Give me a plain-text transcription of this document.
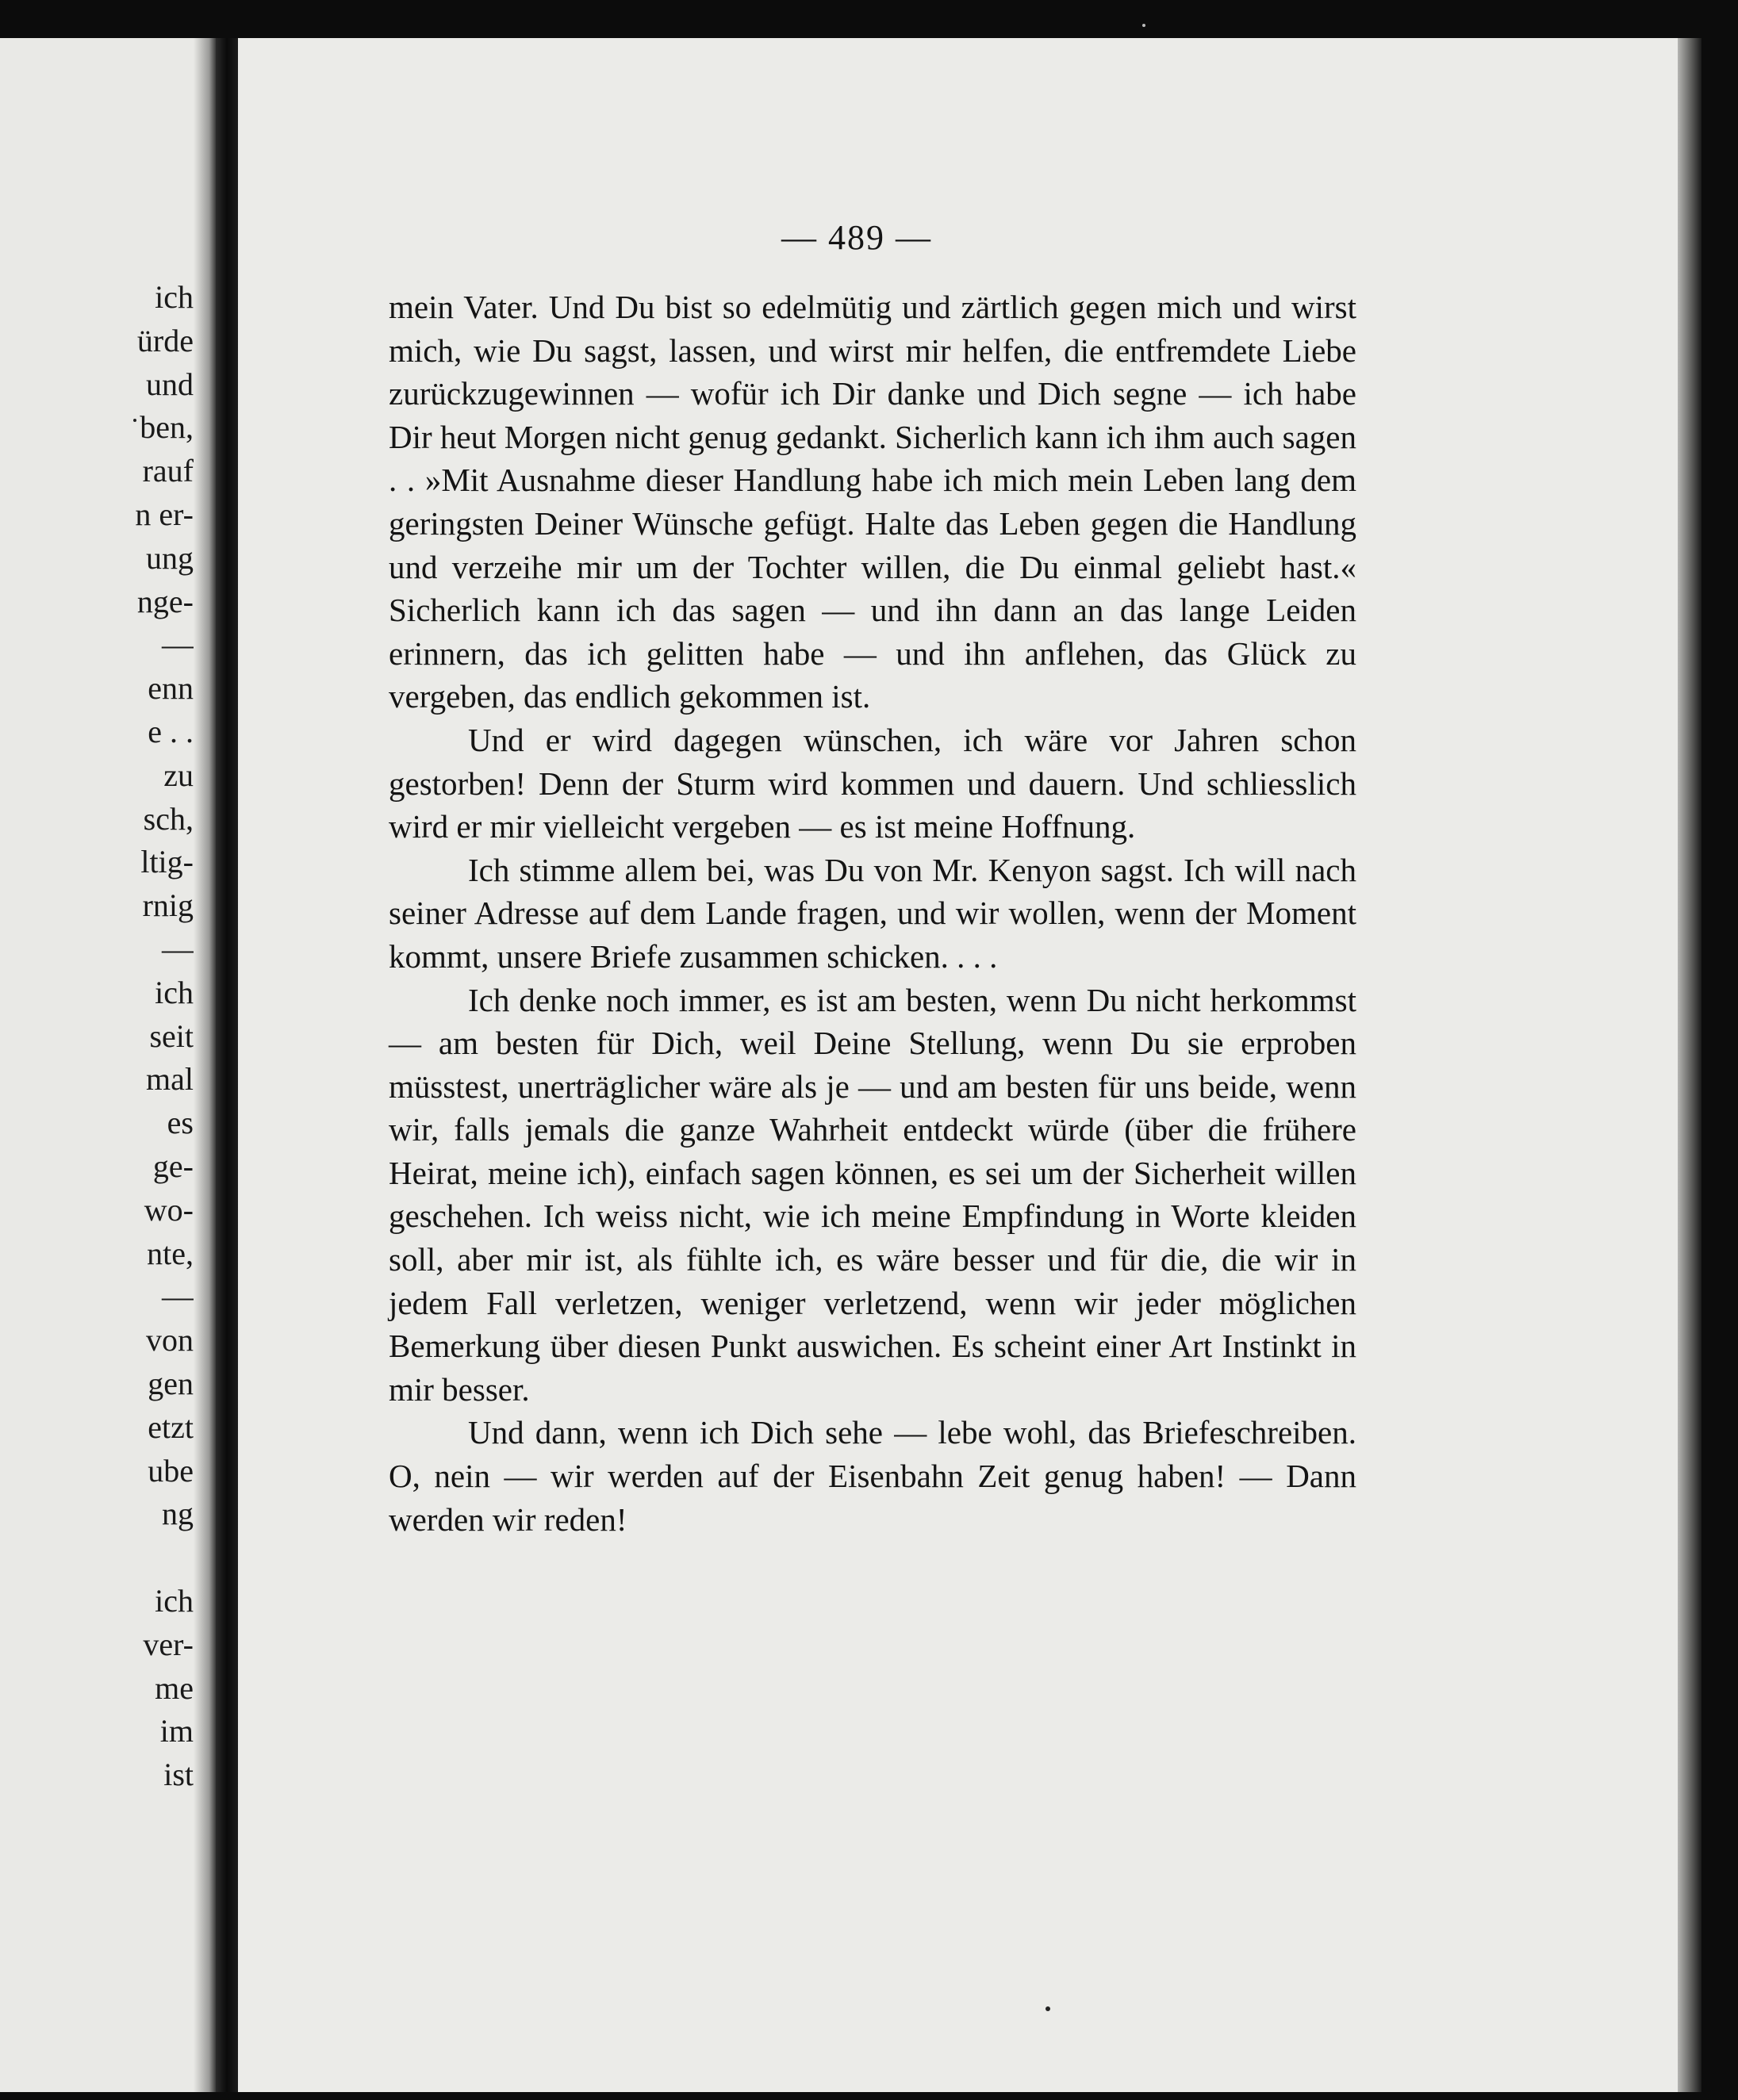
ich
ürde
und
ben,
rauf
n er-
ung
nge-
—
enn
e . .
zu
sch,
ltig-
rnig
—
ich
seit
mal
es
ge-
wo-
nte,
—
von
gen
etzt
ube
ng
ich
ver-
me
im
ist
— 489 —

mein Vater. Und Du bist so edelmütig und zärtlich gegen mich und wirst mich, wie Du sagst, lassen, und wirst mir helfen, die entfremdete Liebe zurückzugewinnen — wofür ich Dir danke und Dich segne — ich habe Dir heut Morgen nicht genug gedankt. Sicherlich kann ich ihm auch sagen . . »Mit Ausnahme dieser Handlung habe ich mich mein Leben lang dem geringsten Deiner Wünsche gefügt. Halte das Leben gegen die Handlung und verzeihe mir um der Tochter willen, die Du einmal geliebt hast.« Sicherlich kann ich das sagen — und ihn dann an das lange Leiden erinnern, das ich gelitten habe — und ihn anflehen, das Glück zu vergeben, das endlich gekommen ist.

Und er wird dagegen wünschen, ich wäre vor Jahren schon gestorben! Denn der Sturm wird kommen und dauern. Und schliesslich wird er mir vielleicht vergeben — es ist meine Hoffnung.

Ich stimme allem bei, was Du von Mr. Kenyon sagst. Ich will nach seiner Adresse auf dem Lande fragen, und wir wollen, wenn der Moment kommt, unsere Briefe zusammen schicken. . . .

Ich denke noch immer, es ist am besten, wenn Du nicht herkommst — am besten für Dich, weil Deine Stellung, wenn Du sie erproben müsstest, unerträglicher wäre als je — und am besten für uns beide, wenn wir, falls jemals die ganze Wahrheit entdeckt würde (über die frühere Heirat, meine ich), einfach sagen können, es sei um der Sicherheit willen geschehen. Ich weiss nicht, wie ich meine Empfindung in Worte kleiden soll, aber mir ist, als fühlte ich, es wäre besser und für die, die wir in jedem Fall verletzen, weniger verletzend, wenn wir jeder möglichen Bemerkung über diesen Punkt auswichen. Es scheint einer Art Instinkt in mir besser.

Und dann, wenn ich Dich sehe — lebe wohl, das Briefeschreiben. O, nein — wir werden auf der Eisenbahn Zeit genug haben! — Dann werden wir reden!
